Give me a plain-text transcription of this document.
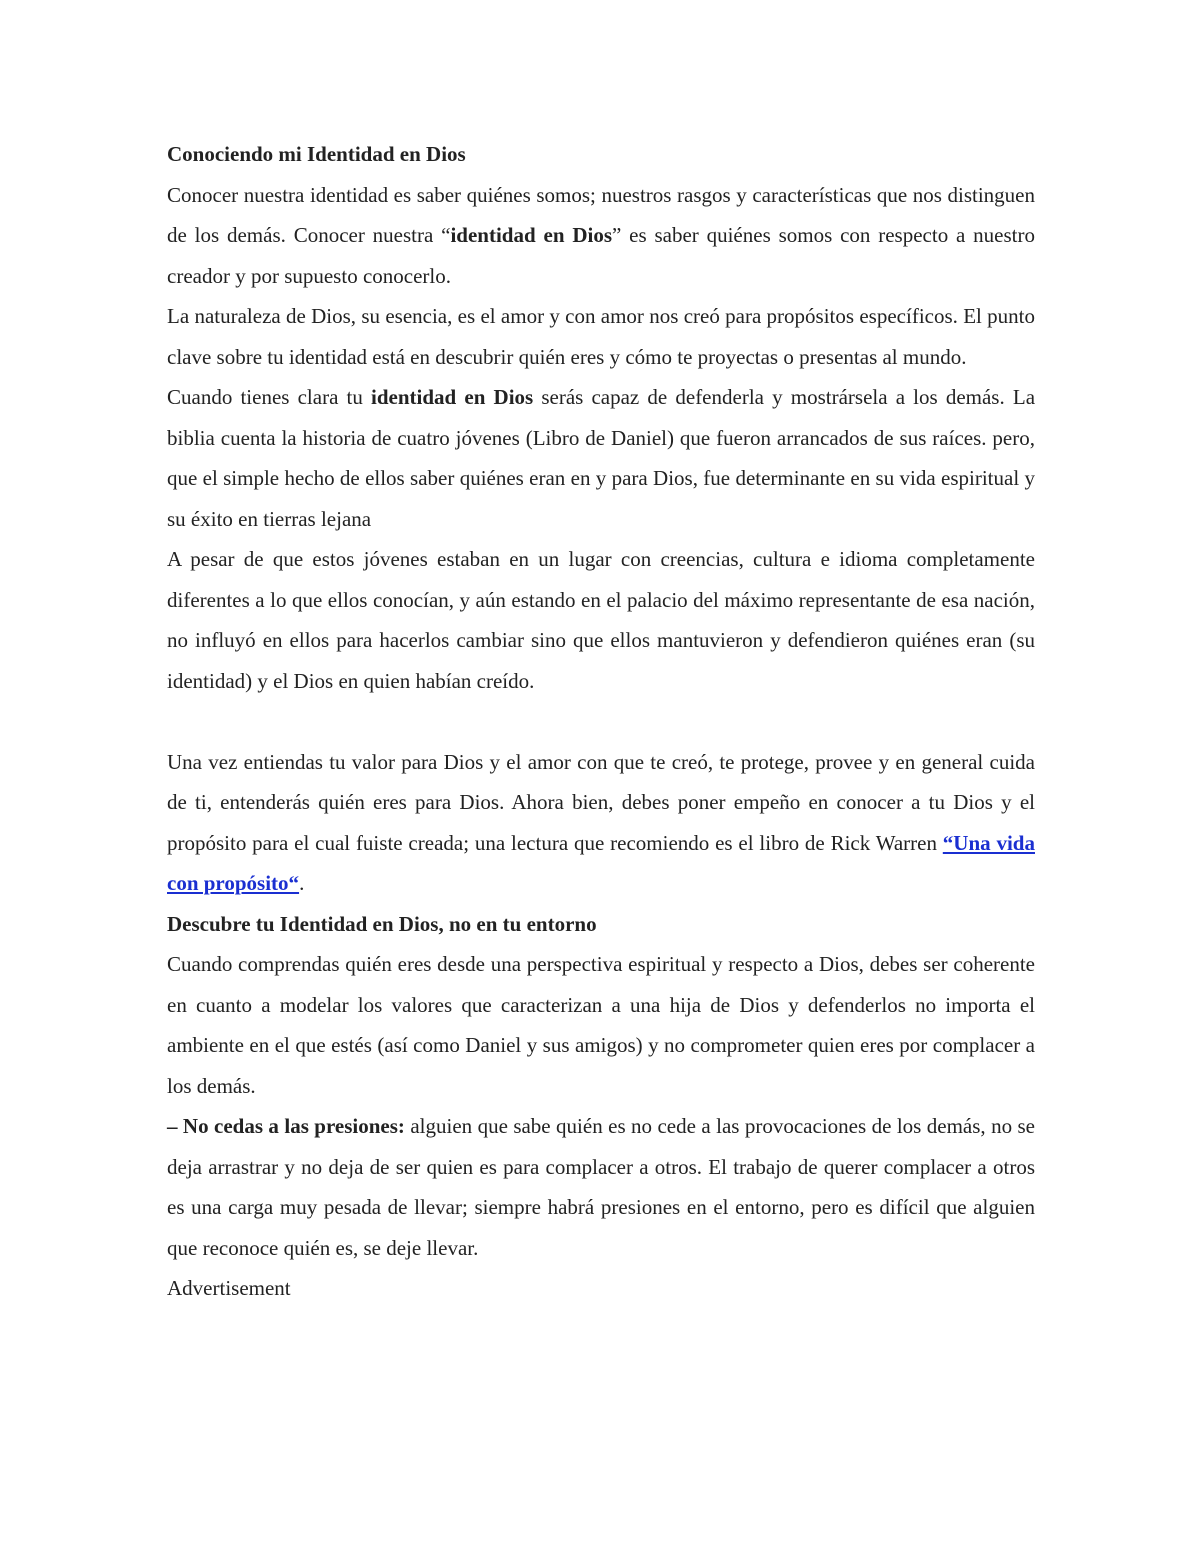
Conociendo mi Identidad en Dios

Conocer nuestra identidad es saber quiénes somos; nuestros rasgos y características que nos distinguen de los demás. Conocer nuestra “identidad en Dios” es saber quiénes somos con respecto a nuestro creador y por supuesto conocerlo.

La naturaleza de Dios, su esencia, es el amor y con amor nos creó para propósitos específicos. El punto clave sobre tu identidad está en descubrir quién eres y cómo te proyectas o presentas al mundo.

Cuando tienes clara tu identidad en Dios serás capaz de defenderla y mostrársela a los demás. La biblia cuenta la historia de cuatro jóvenes (Libro de Daniel) que fueron arrancados de sus raíces. pero, que el simple hecho de ellos saber quiénes eran en y para Dios, fue determinante en su vida espiritual y su éxito en tierras lejana

A pesar de que estos jóvenes estaban en un lugar con creencias, cultura e idioma completamente diferentes a lo que ellos conocían, y aún estando en el palacio del máximo representante de esa nación, no influyó en ellos para hacerlos cambiar sino que ellos mantuvieron y defendieron quiénes eran (su identidad) y el Dios en quien habían creído.

Una vez entiendas tu valor para Dios y el amor con que te creó, te protege, provee y en general cuida de ti, entenderás quién eres para Dios. Ahora bien, debes poner empeño en conocer a tu Dios y el propósito para el cual fuiste creada; una lectura que recomiendo es el libro de Rick Warren “Una vida con propósito“.

Descubre tu Identidad en Dios, no en tu entorno

Cuando comprendas quién eres desde una perspectiva espiritual y respecto a Dios, debes ser coherente en cuanto a modelar los valores que caracterizan a una hija de Dios y defenderlos no importa el ambiente en el que estés (así como Daniel y sus amigos) y no comprometer quien eres por complacer a los demás.

– No cedas a las presiones: alguien que sabe quién es no cede a las provocaciones de los demás, no se deja arrastrar y no deja de ser quien es para complacer a otros. El trabajo de querer complacer a otros es una carga muy pesada de llevar; siempre habrá presiones en el entorno, pero es difícil que alguien que reconoce quién es, se deje llevar.

Advertisement
